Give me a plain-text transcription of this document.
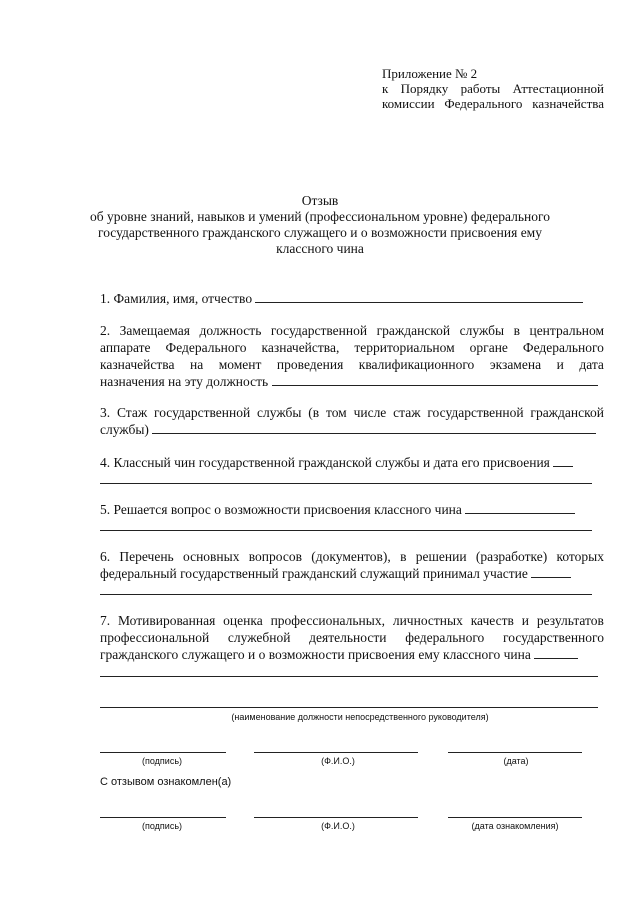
Приложение № 2
к Порядку работы Аттестационной
комиссии Федерального казначейства
Отзыв
об уровне знаний, навыков и умений (профессиональном уровне) федерального
государственного гражданского служащего и о возможности присвоения ему
классного чина
1. Фамилия, имя, отчество
2. Замещаемая должность государственной гражданской службы в центральном
аппарате Федерального казначейства, территориальном органе Федерального
казначейства на момент проведения квалификационного экзамена и дата
назначения на эту должность
3. Стаж государственной службы (в том числе стаж государственной гражданской
службы)
4. Классный чин государственной гражданской службы и дата его присвоения
5. Решается вопрос о возможности присвоения классного чина
6. Перечень основных вопросов (документов), в решении (разработке) которых
федеральный государственный гражданский служащий принимал участие
7. Мотивированная оценка профессиональных, личностных качеств и результатов
профессиональной служебной деятельности федерального государственного
гражданского служащего и о возможности присвоения ему классного чина
(наименование должности непосредственного руководителя)
(подпись)	(Ф.И.О.)	(дата)
С отзывом ознакомлен(а)
(подпись)	(Ф.И.О.)	(дата ознакомления)
